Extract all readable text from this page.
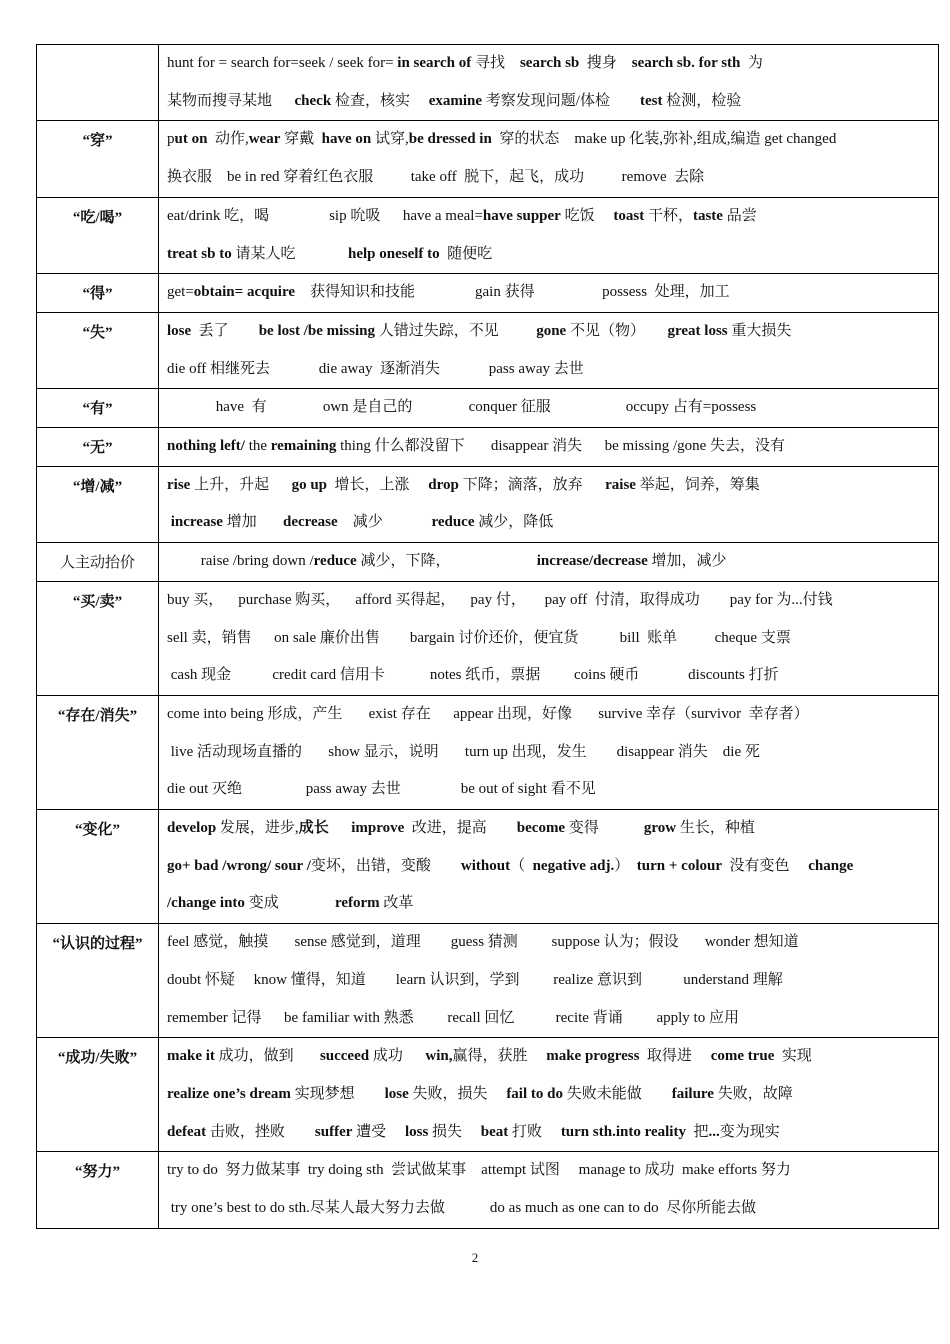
	hunt for = search for=seek / seek for= in search of 寻找    search sb  搜身    search sb. for sth  为
某物而搜寻某地      check 检查，核实     examine 考察发现问题/体检        test 检测，检验

“穿”	put on  动作,wear 穿戴  have on 试穿,be dressed in  穿的状态    make up 化装,弥补,组成,编造 get changed
换衣服    be in red 穿着红色衣服          take off  脱下，起飞，成功          remove  去除

“吃/喝”	eat/drink 吃，喝                sip 吮吸      have a meal=have supper 吃饭     toast 干杯，taste 品尝
treat sb to 请某人吃              help oneself to  随便吃

“得”	get=obtain= acquire    获得知识和技能                gain 获得                  possess  处理，加工

“失”	lose  丢了        be lost /be missing 人错过失踪，不见          gone 不见（物）      great loss 重大损失
die off 相继死去             die away  逐渐消失             pass away 去世

“有”	have  有               own 是自己的               conquer 征服                    occupy 占有=possess

“无”	nothing left/ the remaining thing 什么都没留下       disappear 消失      be missing /gone 失去，没有

“增/减”	rise 上升，升起      go up  增长，上涨     drop 下降；滴落，放弃      raise 举起，饲养，筹集
increase 增加       decrease    减少             reduce 减少，降低

人主动抬价	raise /bring down /reduce 减少，下降，                       increase/decrease 增加，减少

“买/卖”	buy 买，    purchase 购买，    afford 买得起，    pay 付，     pay off  付清，取得成功        pay for 为...付钱
sell 卖，销售      on sale 廉价出售        bargain 讨价还价，便宜货           bill  账单          cheque 支票
cash 现金           credit card 信用卡            notes 纸币，票据         coins 硬币             discounts 打折

“存在/消失”	come into being 形成，产生       exist 存在      appear 出现，好像       survive 幸存（survivor  幸存者）
live 活动现场直播的       show 显示，说明       turn up 出现，发生        disappear 消失    die 死
die out 灭绝                 pass away 去世                be out of sight 看不见

“变化”	develop 发展，进步,成长 improve  改进，提高        become 变得            grow 生长，种植
go+ bad /wrong/ sour /变坏，出错，变酸        without（  negative adj.）  turn + colour  没有变色     change
/change into 变成               reform 改革

“认识的过程”	feel 感觉，触摸       sense 感觉到，道理        guess 猜测         suppose 认为；假设       wonder 想知道
doubt 怀疑     know 懂得，知道        learn 认识到，学到         realize 意识到           understand 理解
remember 记得      be familiar with 熟悉         recall 回忆           recite 背诵         apply to 应用

“成功/失败”	make it 成功，做到       succeed 成功      win,赢得，获胜     make progress  取得进     come true  实现
realize one’s dream 实现梦想        lose 失败，损失     fail to do 失败未能做        failure 失败，故障
defeat 击败，挫败        suffer 遭受     loss 损失     beat 打败     turn sth.into reality  把...变为现实

“努力”	try to do  努力做某事  try doing sth  尝试做某事    attempt 试图     manage to 成功  make efforts 努力
try one’s best to do sth.尽某人最大努力去做            do as much as one can to do  尽你所能去做
2
